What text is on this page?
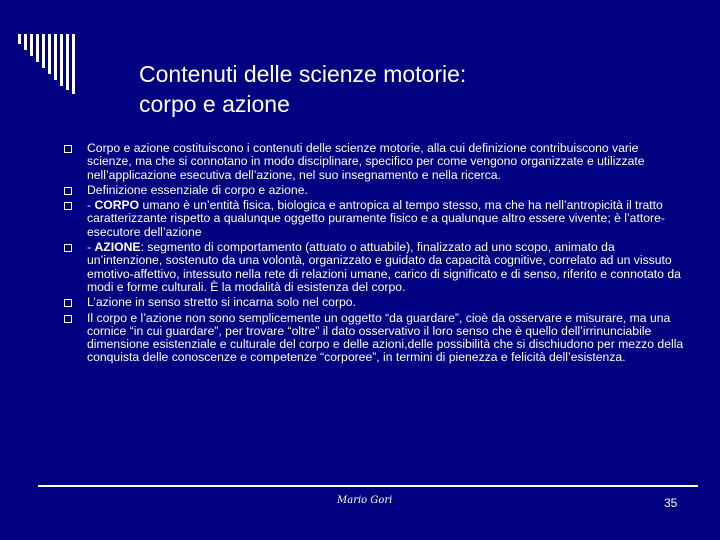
Contenuti delle scienze motorie:
corpo e azione
Corpo e azione costituiscono i contenuti delle scienze motorie, alla cui definizione contribuiscono varie scienze, ma che si connotano in modo disciplinare, specifico per come vengono organizzate e utilizzate nell’applicazione esecutiva dell’azione, nel suo insegnamento e nella ricerca.
Definizione essenziale di corpo e azione.
- CORPO umano è un’entità fisica, biologica e antropica al tempo stesso, ma che ha nell’antropicità il tratto caratterizzante rispetto a qualunque oggetto puramente fisico e a qualunque altro essere vivente; è l’attore-esecutore dell’azione
- AZIONE: segmento di comportamento (attuato o attuabile), finalizzato ad uno scopo, animato da un’intenzione, sostenuto da una volontà, organizzato e guidato da capacità cognitive, correlato ad un vissuto emotivo-affettivo, intessuto nella rete di relazioni umane, carico di significato e di senso, riferito e connotato da modi e forme culturali. È la modalità di esistenza del corpo.
L’azione in senso stretto si incarna solo nel corpo.
Il corpo e l’azione non sono semplicemente un oggetto “da guardare”, cioè da osservare e misurare, ma una cornice “in cui guardare”, per trovare “oltre” il dato osservativo il loro senso che è quello dell’irrinunciabile dimensione esistenziale e culturale del corpo e delle azioni,delle possibilità che si dischiudono per mezzo della conquista delle conoscenze e competenze “corporee”, in termini di pienezza e felicità dell’esistenza.
Mario Gori	35
